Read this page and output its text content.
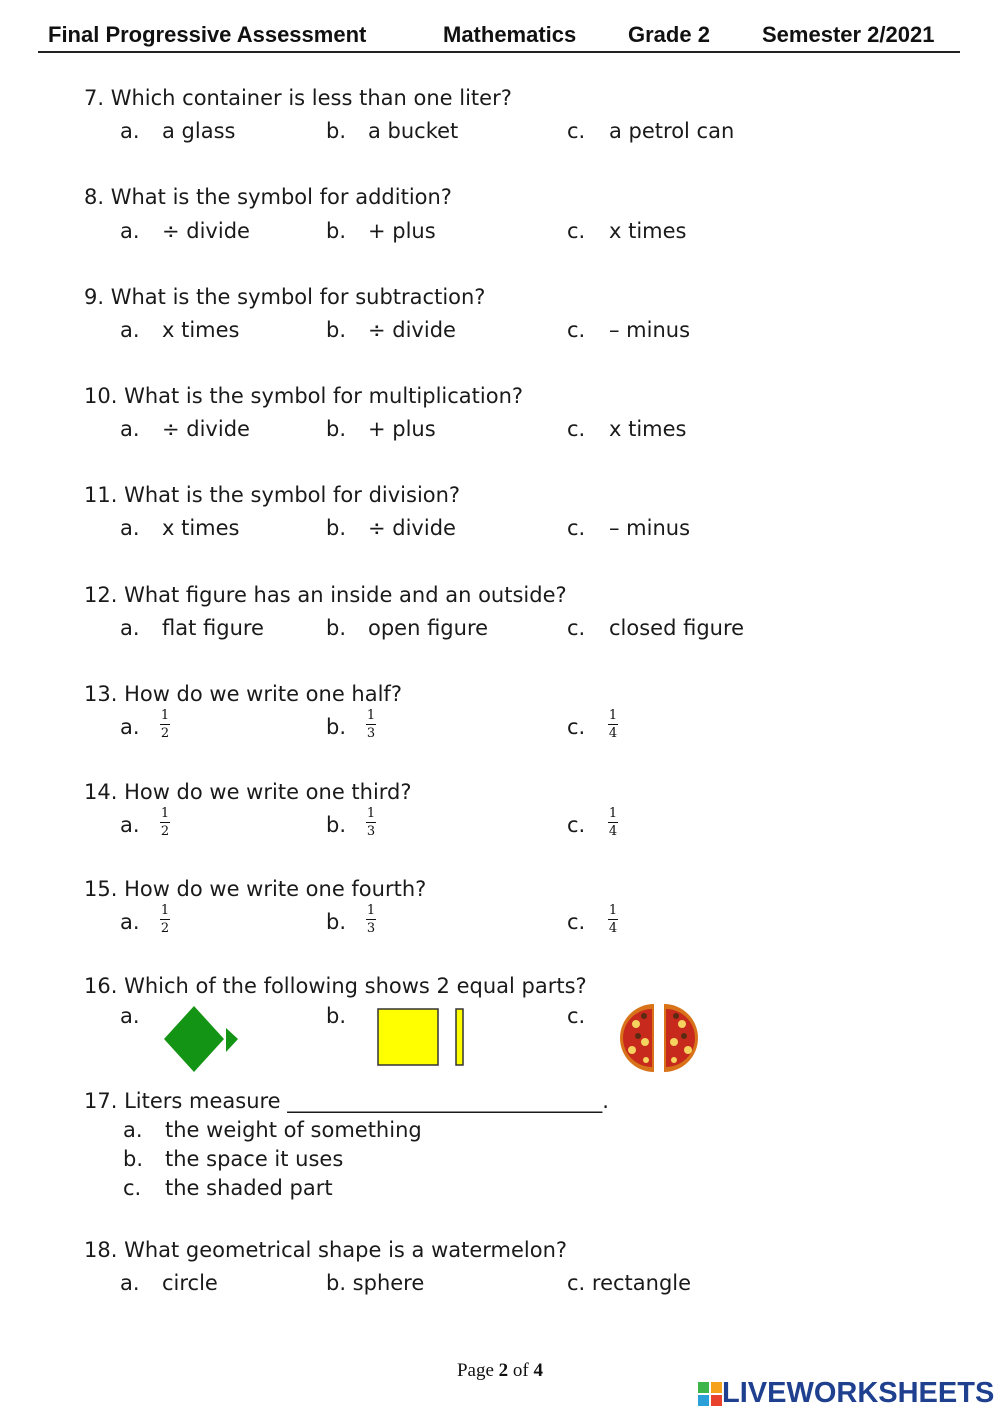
Final Progressive Assessment	Mathematics Grade 2 Semester 2/2021
7. Which container is less than one liter?
a. a glass	b. a bucket	c. a petrol can
8. What is the symbol for addition?
a. ÷ divide	b. + plus	c. x times
9. What is the symbol for subtraction?
a. x times	b. ÷ divide	c. – minus
10. What is the symbol for multiplication?
a. ÷ divide	b. + plus	c. x times
11. What is the symbol for division?
a. x times	b. ÷ divide	c. – minus
12. What figure has an inside and an outside?
a. flat figure	b. open figure	c. closed figure
13. How do we write one half?
a. 1
2	b. 1
3	c. 1
4
14. How do we write one third?
a. 1
2	b. 1
3	c. 1
4
15. How do we write one fourth?
a. 1
2	b. 1
3	c. 1
4
16. Which of the following shows 2 equal parts?
a.	b.	c.
17. Liters measure ______________________________.
a. the weight of something
b. the space it uses
c. the shaded part
18. What geometrical shape is a watermelon?
a. circle	b. sphere	c. rectangle
Page 2 of 4
LIVEWORKSHEETS
